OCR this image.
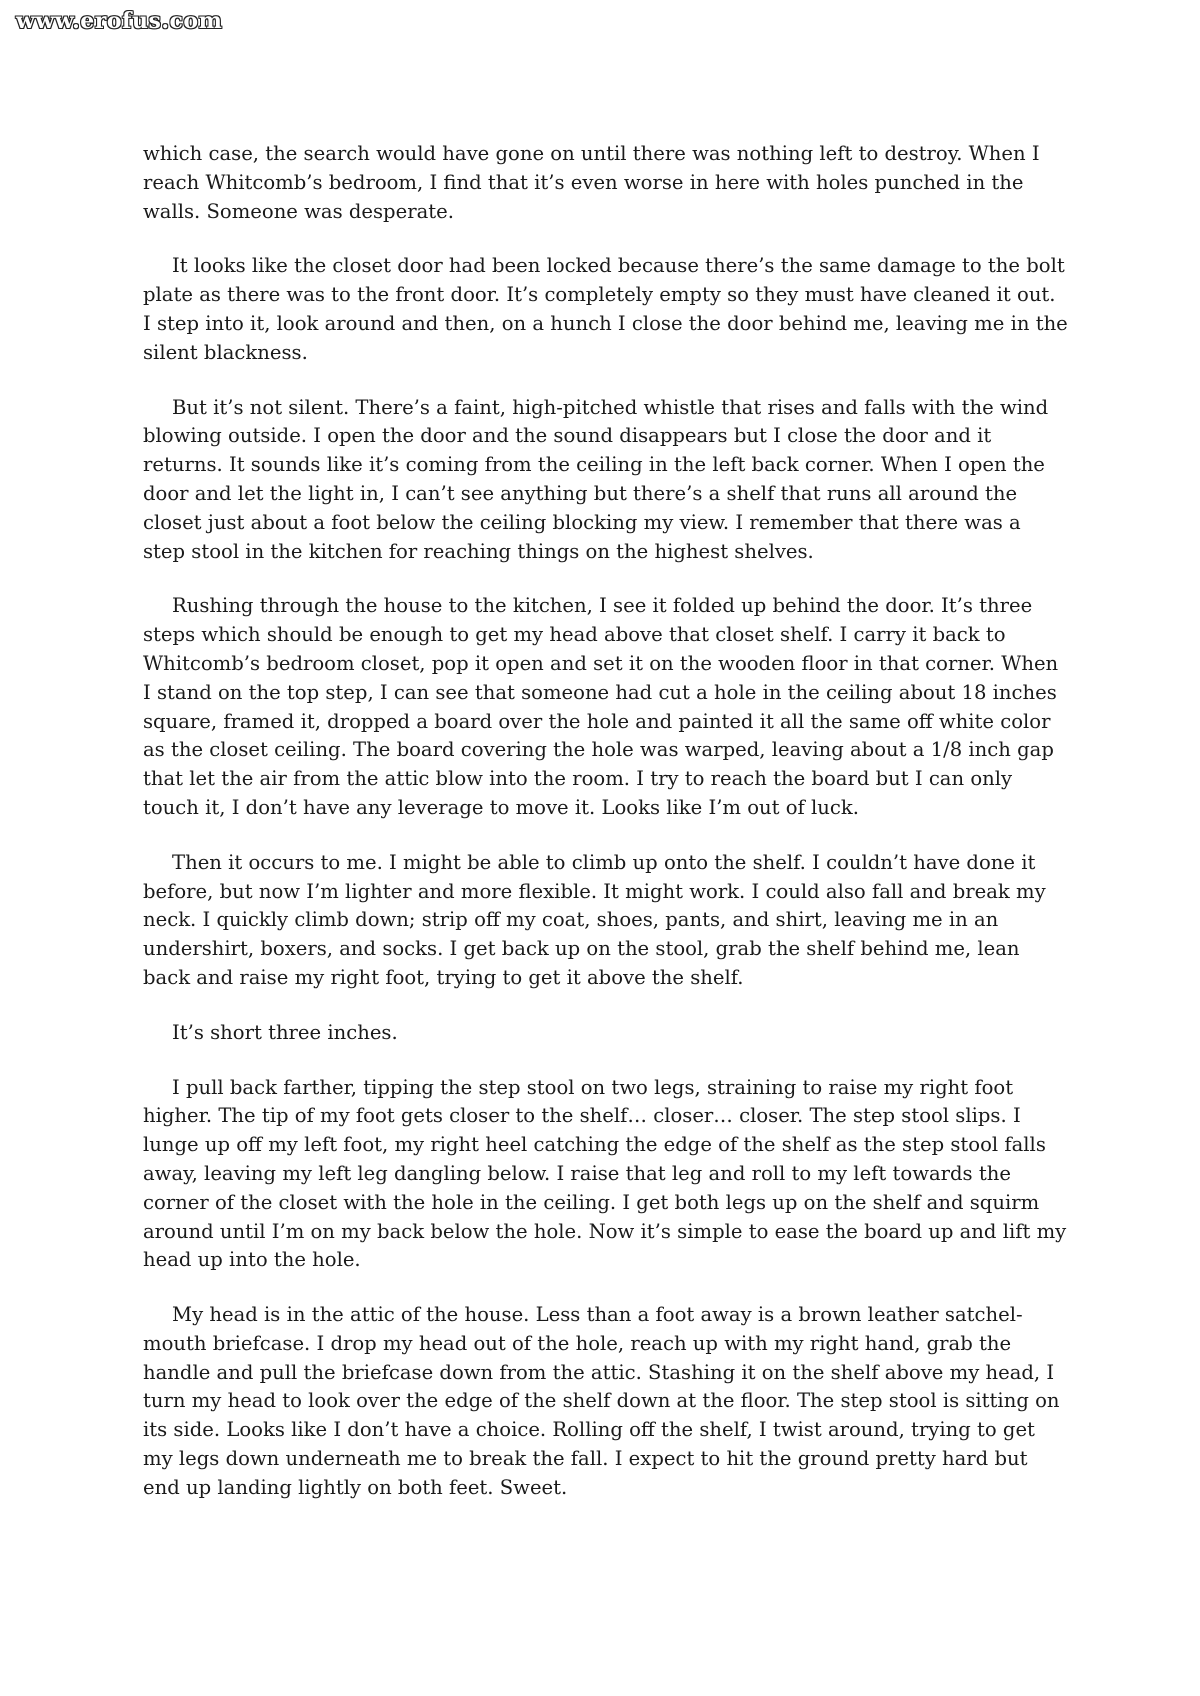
www.erofus.com

which case, the search would have gone on until there was nothing left to destroy. When I reach Whitcomb’s bedroom, I find that it’s even worse in here with holes punched in the walls. Someone was desperate.

It looks like the closet door had been locked because there’s the same damage to the bolt plate as there was to the front door. It’s completely empty so they must have cleaned it out. I step into it, look around and then, on a hunch I close the door behind me, leaving me in the silent blackness.

But it’s not silent. There’s a faint, high-pitched whistle that rises and falls with the wind blowing outside. I open the door and the sound disappears but I close the door and it returns. It sounds like it’s coming from the ceiling in the left back corner. When I open the door and let the light in, I can’t see anything but there’s a shelf that runs all around the closet just about a foot below the ceiling blocking my view. I remember that there was a step stool in the kitchen for reaching things on the highest shelves.

Rushing through the house to the kitchen, I see it folded up behind the door. It’s three steps which should be enough to get my head above that closet shelf. I carry it back to Whitcomb’s bedroom closet, pop it open and set it on the wooden floor in that corner. When I stand on the top step, I can see that someone had cut a hole in the ceiling about 18 inches square, framed it, dropped a board over the hole and painted it all the same off white color as the closet ceiling. The board covering the hole was warped, leaving about a 1/8 inch gap that let the air from the attic blow into the room. I try to reach the board but I can only touch it, I don’t have any leverage to move it. Looks like I’m out of luck.

Then it occurs to me. I might be able to climb up onto the shelf. I couldn’t have done it before, but now I’m lighter and more flexible. It might work. I could also fall and break my neck. I quickly climb down; strip off my coat, shoes, pants, and shirt, leaving me in an undershirt, boxers, and socks. I get back up on the stool, grab the shelf behind me, lean back and raise my right foot, trying to get it above the shelf.

It’s short three inches.

I pull back farther, tipping the step stool on two legs, straining to raise my right foot higher. The tip of my foot gets closer to the shelf… closer… closer. The step stool slips. I lunge up off my left foot, my right heel catching the edge of the shelf as the step stool falls away, leaving my left leg dangling below. I raise that leg and roll to my left towards the corner of the closet with the hole in the ceiling. I get both legs up on the shelf and squirm around until I’m on my back below the hole. Now it’s simple to ease the board up and lift my head up into the hole.

My head is in the attic of the house. Less than a foot away is a brown leather satchel-mouth briefcase. I drop my head out of the hole, reach up with my right hand, grab the handle and pull the briefcase down from the attic. Stashing it on the shelf above my head, I turn my head to look over the edge of the shelf down at the floor. The step stool is sitting on its side. Looks like I don’t have a choice. Rolling off the shelf, I twist around, trying to get my legs down underneath me to break the fall. I expect to hit the ground pretty hard but end up landing lightly on both feet. Sweet.
